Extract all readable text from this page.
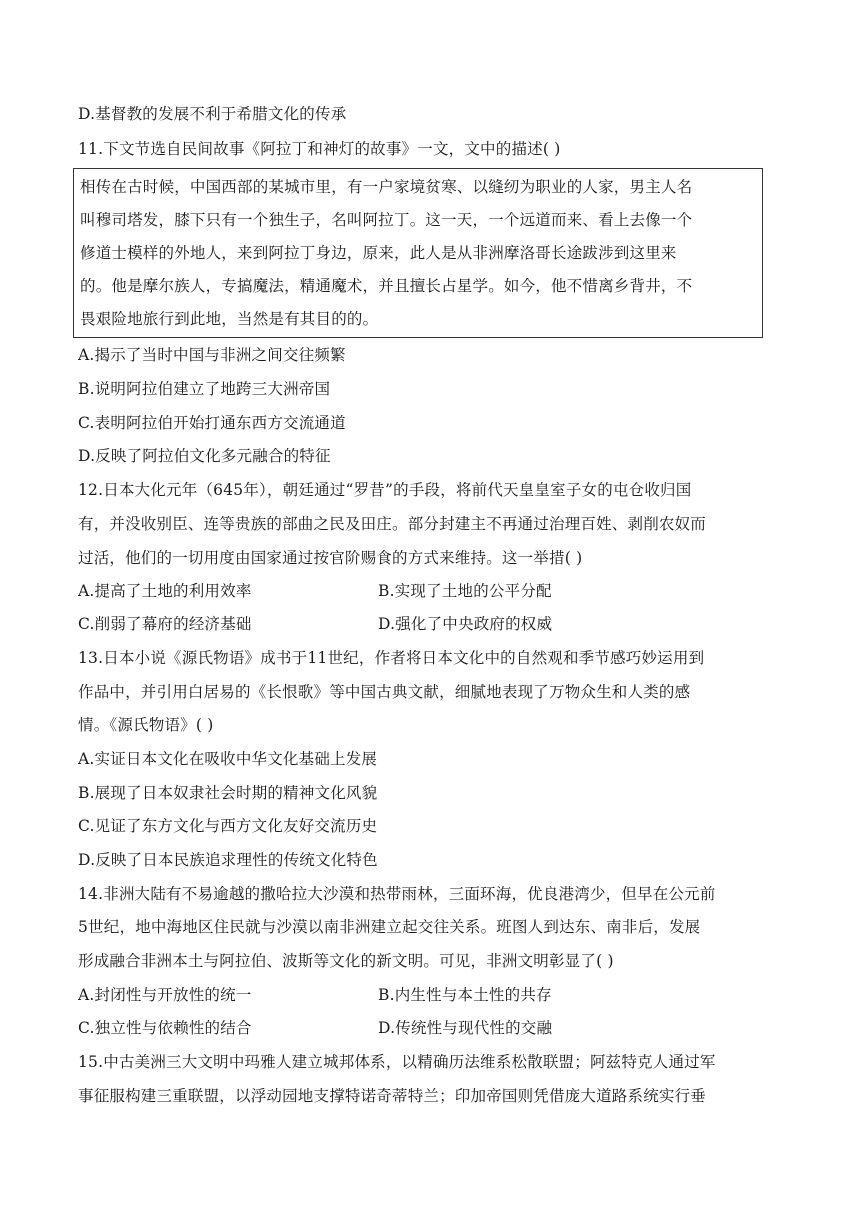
D.基督教的发展不利于希腊文化的传承
11.下文节选自民间故事《阿拉丁和神灯的故事》一文，文中的描述( )
相传在古时候，中国西部的某城市里，有一户家境贫寒、以缝纫为职业的人家，男主人名
叫穆司塔发，膝下只有一个独生子，名叫阿拉丁。这一天，一个远道而来、看上去像一个
修道士模样的外地人，来到阿拉丁身边，原来，此人是从非洲摩洛哥长途跋涉到这里来
的。他是摩尔族人，专搞魔法，精通魔术，并且擅长占星学。如今，他不惜离乡背井，不
畏艰险地旅行到此地，当然是有其目的的。
A.揭示了当时中国与非洲之间交往频繁
B.说明阿拉伯建立了地跨三大洲帝国
C.表明阿拉伯开始打通东西方交流通道
D.反映了阿拉伯文化多元融合的特征
12.日本大化元年（645年），朝廷通过“罗昔”的手段，将前代天皇皇室子女的屯仓收归国
有，并没收别臣、连等贵族的部曲之民及田庄。部分封建主不再通过治理百姓、剥削农奴而
过活，他们的一切用度由国家通过按官阶赐食的方式来维持。这一举措( )
A.提高了土地的利用效率	B.实现了土地的公平分配
C.削弱了幕府的经济基础	D.强化了中央政府的权威
13.日本小说《源氏物语》成书于11世纪，作者将日本文化中的自然观和季节感巧妙运用到
作品中，并引用白居易的《长恨歌》等中国古典文献，细腻地表现了万物众生和人类的感
情。《源氏物语》( )
A.实证日本文化在吸收中华文化基础上发展
B.展现了日本奴隶社会时期的精神文化风貌
C.见证了东方文化与西方文化友好交流历史
D.反映了日本民族追求理性的传统文化特色
14.非洲大陆有不易逾越的撒哈拉大沙漠和热带雨林，三面环海，优良港湾少，但早在公元前
5世纪，地中海地区住民就与沙漠以南非洲建立起交往关系。班图人到达东、南非后，发展
形成融合非洲本土与阿拉伯、波斯等文化的新文明。可见，非洲文明彰显了( )
A.封闭性与开放性的统一	B.内生性与本土性的共存
C.独立性与依赖性的结合	D.传统性与现代性的交融
15.中古美洲三大文明中玛雅人建立城邦体系，以精确历法维系松散联盟；阿兹特克人通过军
事征服构建三重联盟，以浮动园地支撑特诺奇蒂特兰；印加帝国则凭借庞大道路系统实行垂
